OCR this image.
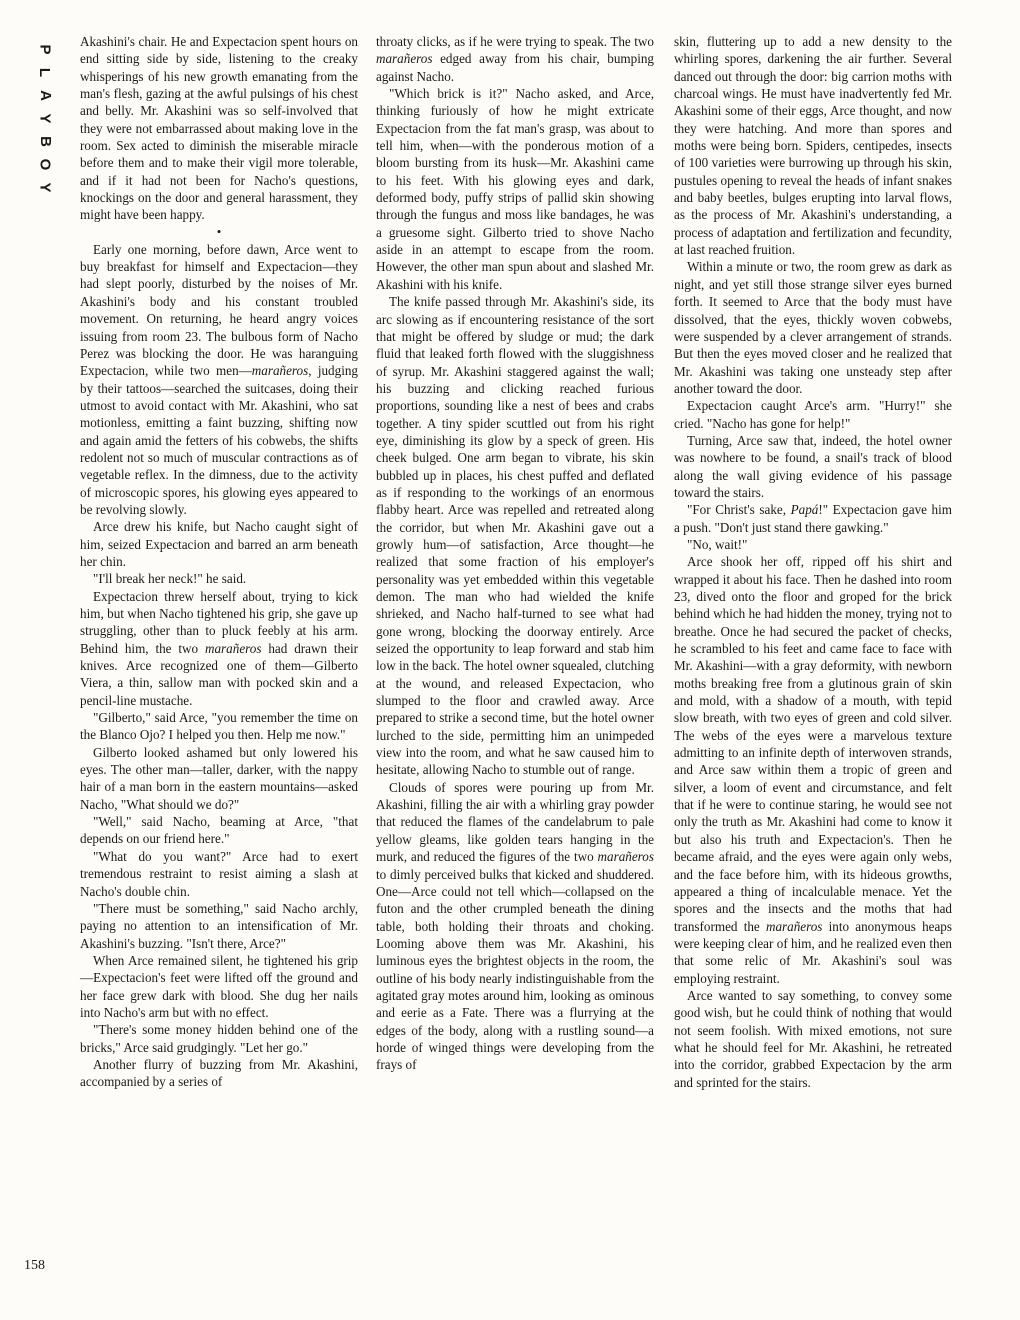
P
L
A
Y
B
O
Y

Akashini's chair. He and Expectacion spent hours on end sitting side by side, listening to the creaky whisperings of his new growth emanating from the man's flesh, gazing at the awful pulsings of his chest and belly. Mr. Akashini was so self-involved that they were not embarrassed about making love in the room. Sex acted to diminish the miserable miracle before them and to make their vigil more tolerable, and if it had not been for Nacho's questions, knockings on the door and general harassment, they might have been happy.

•

Early one morning, before dawn, Arce went to buy breakfast for himself and Expectacion—they had slept poorly, disturbed by the noises of Mr. Akashini's body and his constant troubled movement. On returning, he heard angry voices issuing from room 23. The bulbous form of Nacho Perez was blocking the door. He was haranguing Expectacion, while two men—marañeros, judging by their tattoos—searched the suitcases, doing their utmost to avoid contact with Mr. Akashini, who sat motionless, emitting a faint buzzing, shifting now and again amid the fetters of his cobwebs, the shifts redolent not so much of muscular contractions as of vegetable reflex. In the dimness, due to the activity of microscopic spores, his glowing eyes appeared to be revolving slowly.

Arce drew his knife, but Nacho caught sight of him, seized Expectacion and barred an arm beneath her chin.

"I'll break her neck!" he said.

Expectacion threw herself about, trying to kick him, but when Nacho tightened his grip, she gave up struggling, other than to pluck feebly at his arm. Behind him, the two marañeros had drawn their knives. Arce recognized one of them—Gilberto Viera, a thin, sallow man with pocked skin and a pencil-line mustache.

"Gilberto," said Arce, "you remember the time on the Blanco Ojo? I helped you then. Help me now."

Gilberto looked ashamed but only lowered his eyes. The other man—taller, darker, with the nappy hair of a man born in the eastern mountains—asked Nacho, "What should we do?"

"Well," said Nacho, beaming at Arce, "that depends on our friend here."

"What do you want?" Arce had to exert tremendous restraint to resist aiming a slash at Nacho's double chin.

"There must be something," said Nacho archly, paying no attention to an intensification of Mr. Akashini's buzzing. "Isn't there, Arce?"

When Arce remained silent, he tightened his grip—Expectacion's feet were lifted off the ground and her face grew dark with blood. She dug her nails into Nacho's arm but with no effect.

"There's some money hidden behind one of the bricks," Arce said grudgingly. "Let her go."

Another flurry of buzzing from Mr. Akashini, accompanied by a series of

throaty clicks, as if he were trying to speak. The two marañeros edged away from his chair, bumping against Nacho.

"Which brick is it?" Nacho asked, and Arce, thinking furiously of how he might extricate Expectacion from the fat man's grasp, was about to tell him, when—with the ponderous motion of a bloom bursting from its husk—Mr. Akashini came to his feet. With his glowing eyes and dark, deformed body, puffy strips of pallid skin showing through the fungus and moss like bandages, he was a gruesome sight. Gilberto tried to shove Nacho aside in an attempt to escape from the room. However, the other man spun about and slashed Mr. Akashini with his knife.

The knife passed through Mr. Akashini's side, its arc slowing as if encountering resistance of the sort that might be offered by sludge or mud; the dark fluid that leaked forth flowed with the sluggishness of syrup. Mr. Akashini staggered against the wall; his buzzing and clicking reached furious proportions, sounding like a nest of bees and crabs together. A tiny spider scuttled out from his right eye, diminishing its glow by a speck of green. His cheek bulged. One arm began to vibrate, his skin bubbled up in places, his chest puffed and deflated as if responding to the workings of an enormous flabby heart. Arce was repelled and retreated along the corridor, but when Mr. Akashini gave out a growly hum—of satisfaction, Arce thought—he realized that some fraction of his employer's personality was yet embedded within this vegetable demon. The man who had wielded the knife shrieked, and Nacho half-turned to see what had gone wrong, blocking the doorway entirely. Arce seized the opportunity to leap forward and stab him low in the back. The hotel owner squealed, clutching at the wound, and released Expectacion, who slumped to the floor and crawled away. Arce prepared to strike a second time, but the hotel owner lurched to the side, permitting him an unimpeded view into the room, and what he saw caused him to hesitate, allowing Nacho to stumble out of range.

Clouds of spores were pouring up from Mr. Akashini, filling the air with a whirling gray powder that reduced the flames of the candelabrum to pale yellow gleams, like golden tears hanging in the murk, and reduced the figures of the two marañeros to dimly perceived bulks that kicked and shuddered. One—Arce could not tell which—collapsed on the futon and the other crumpled beneath the dining table, both holding their throats and choking. Looming above them was Mr. Akashini, his luminous eyes the brightest objects in the room, the outline of his body nearly indistinguishable from the agitated gray motes around him, looking as ominous and eerie as a Fate. There was a flurrying at the edges of the body, along with a rustling sound—a horde of winged things were developing from the frays of

skin, fluttering up to add a new density to the whirling spores, darkening the air further. Several danced out through the door: big carrion moths with charcoal wings. He must have inadvertently fed Mr. Akashini some of their eggs, Arce thought, and now they were hatching. And more than spores and moths were being born. Spiders, centipedes, insects of 100 varieties were burrowing up through his skin, pustules opening to reveal the heads of infant snakes and baby beetles, bulges erupting into larval flows, as the process of Mr. Akashini's understanding, a process of adaptation and fertilization and fecundity, at last reached fruition.

Within a minute or two, the room grew as dark as night, and yet still those strange silver eyes burned forth. It seemed to Arce that the body must have dissolved, that the eyes, thickly woven cobwebs, were suspended by a clever arrangement of strands. But then the eyes moved closer and he realized that Mr. Akashini was taking one unsteady step after another toward the door.

Expectacion caught Arce's arm. "Hurry!" she cried. "Nacho has gone for help!"

Turning, Arce saw that, indeed, the hotel owner was nowhere to be found, a snail's track of blood along the wall giving evidence of his passage toward the stairs.

"For Christ's sake, Papá!" Expectacion gave him a push. "Don't just stand there gawking."

"No, wait!"

Arce shook her off, ripped off his shirt and wrapped it about his face. Then he dashed into room 23, dived onto the floor and groped for the brick behind which he had hidden the money, trying not to breathe. Once he had secured the packet of checks, he scrambled to his feet and came face to face with Mr. Akashini—with a gray deformity, with newborn moths breaking free from a glutinous grain of skin and mold, with a shadow of a mouth, with tepid slow breath, with two eyes of green and cold silver. The webs of the eyes were a marvelous texture admitting to an infinite depth of interwoven strands, and Arce saw within them a tropic of green and silver, a loom of event and circumstance, and felt that if he were to continue staring, he would see not only the truth as Mr. Akashini had come to know it but also his truth and Expectacion's. Then he became afraid, and the eyes were again only webs, and the face before him, with its hideous growths, appeared a thing of incalculable menace. Yet the spores and the insects and the moths that had transformed the marañeros into anonymous heaps were keeping clear of him, and he realized even then that some relic of Mr. Akashini's soul was employing restraint.

Arce wanted to say something, to convey some good wish, but he could think of nothing that would not seem foolish. With mixed emotions, not sure what he should feel for Mr. Akashini, he retreated into the corridor, grabbed Expectacion by the arm and sprinted for the stairs.

158
